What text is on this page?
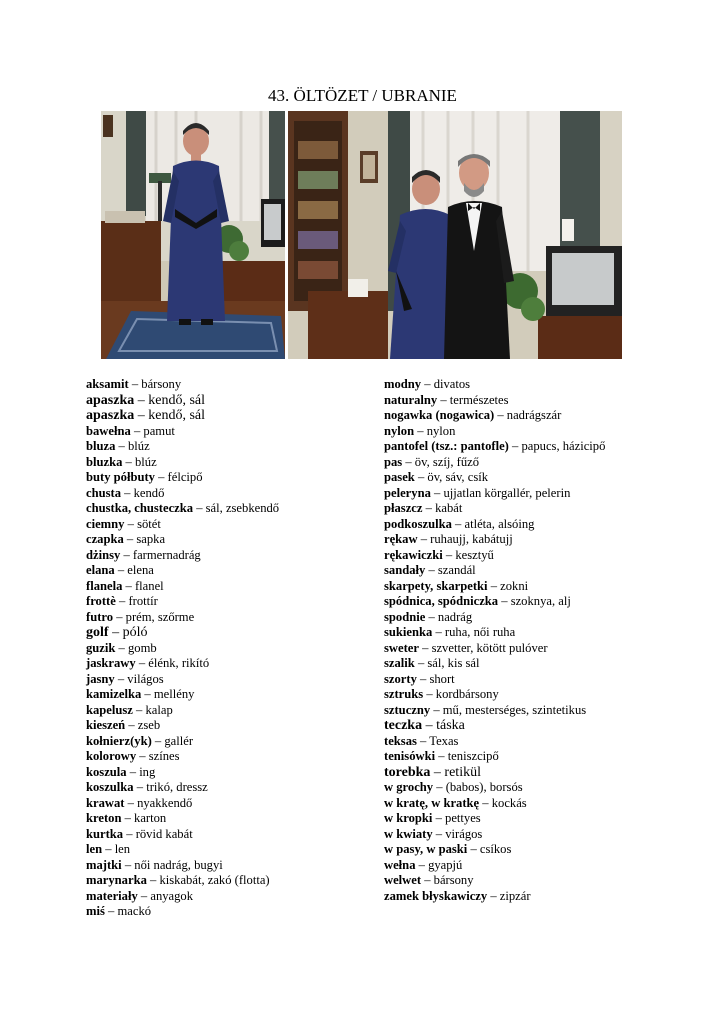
43. ÖLTÖZET / UBRANIE
aksamit – bársony
apaszka – kendő, sál
apaszka – kendő, sál
bawełna – pamut
bluza – blúz
bluzka – blúz
buty półbuty – félcipő
chusta – kendő
chustka, chusteczka – sál, zsebkendő
ciemny – sötét
czapka – sapka
dżinsy – farmernadrág
elana – elena
flanela – flanel
frottè – frottír
futro – prém, szőrme
golf – póló
guzik – gomb
jaskrawy – élénk, rikító
jasny – világos
kamizelka – mellény
kapelusz – kalap
kieszeń – zseb
kołnierz(yk) – gallér
kolorowy – színes
koszula – ing
koszulka – trikó, dressz
krawat – nyakkendő
kreton – karton
kurtka – rövid kabát
len – len
majtki – női nadrág, bugyi
marynarka – kiskabát, zakó (flotta)
materiały – anyagok
miś – mackó
modny – divatos
naturalny – természetes
nogawka (nogawica) – nadrágszár
nylon – nylon
pantofel (tsz.: pantofle) – papucs, házicipő
pas – öv, szíj, fűző
pasek – öv, sáv, csík
peleryna – ujjatlan körgallér, pelerin
płaszcz – kabát
podkoszulka – atléta, alsóing
rękaw – ruhaujj, kabátujj
rękawiczki – kesztyű
sandały – szandál
skarpety, skarpetki – zokni
spódnica, spódniczka – szoknya, alj
spodnie – nadrág
sukienka – ruha, női ruha
sweter – szvetter, kötött pulóver
szalik – sál, kis sál
szorty – short
sztruks – kordbársony
sztuczny – mű, mesterséges, szintetikus
teczka – táska
teksas – Texas
tenisówki – teniszcipő
torebka – retikül
w grochy – (babos), borsós
w kratę, w kratkę – kockás
w kropki – pettyes
w kwiaty – virágos
w pasy, w paski – csíkos
wełna – gyapjú
welwet – bársony
zamek błyskawiczy – zipzár
